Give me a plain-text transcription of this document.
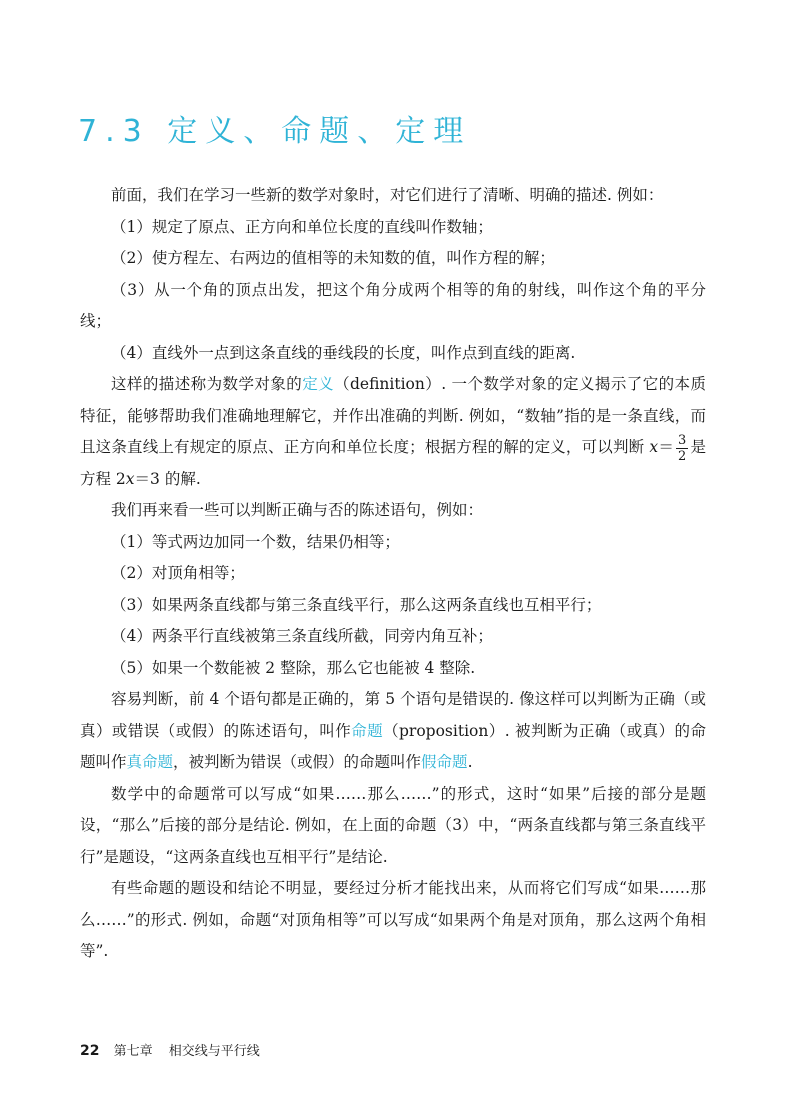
7.3 定义、命题、定理

前面，我们在学习一些新的数学对象时，对它们进行了清晰、明确的描述. 例如：

（1）规定了原点、正方向和单位长度的直线叫作数轴；

（2）使方程左、右两边的值相等的未知数的值，叫作方程的解；

（3）从一个角的顶点出发，把这个角分成两个相等的角的射线，叫作这个角的平分线；

（4）直线外一点到这条直线的垂线段的长度，叫作点到直线的距离.

这样的描述称为数学对象的定义（definition）. 一个数学对象的定义揭示了它的本质特征，能够帮助我们准确地理解它，并作出准确的判断. 例如，“数轴”指的是一条直线，而且这条直线上有规定的原点、正方向和单位长度；根据方程的解的定义，可以判断 $x= \frac{3}{2}$ 是方程 2x＝3 的解.

我们再来看一些可以判断正确与否的陈述语句，例如：

（1）等式两边加同一个数，结果仍相等；

（2）对顶角相等；

（3）如果两条直线都与第三条直线平行，那么这两条直线也互相平行；

（4）两条平行直线被第三条直线所截，同旁内角互补；

（5）如果一个数能被 2 整除，那么它也能被 4 整除.

容易判断，前 4 个语句都是正确的，第 5 个语句是错误的. 像这样可以判断为正确（或真）或错误（或假）的陈述语句，叫作命题（proposition）. 被判断为正确（或真）的命题叫作真命题，被判断为错误（或假）的命题叫作假命题.

数学中的命题常可以写成“如果……那么……”的形式，这时“如果”后接的部分是题设，“那么”后接的部分是结论. 例如，在上面的命题（3）中，“两条直线都与第三条直线平行”是题设，“这两条直线也互相平行”是结论.

有些命题的题设和结论不明显，要经过分析才能找出来，从而将它们写成“如果……那么……”的形式. 例如，命题“对顶角相等”可以写成“如果两个角是对顶角，那么这两个角相等”.

22 第七章 相交线与平行线
